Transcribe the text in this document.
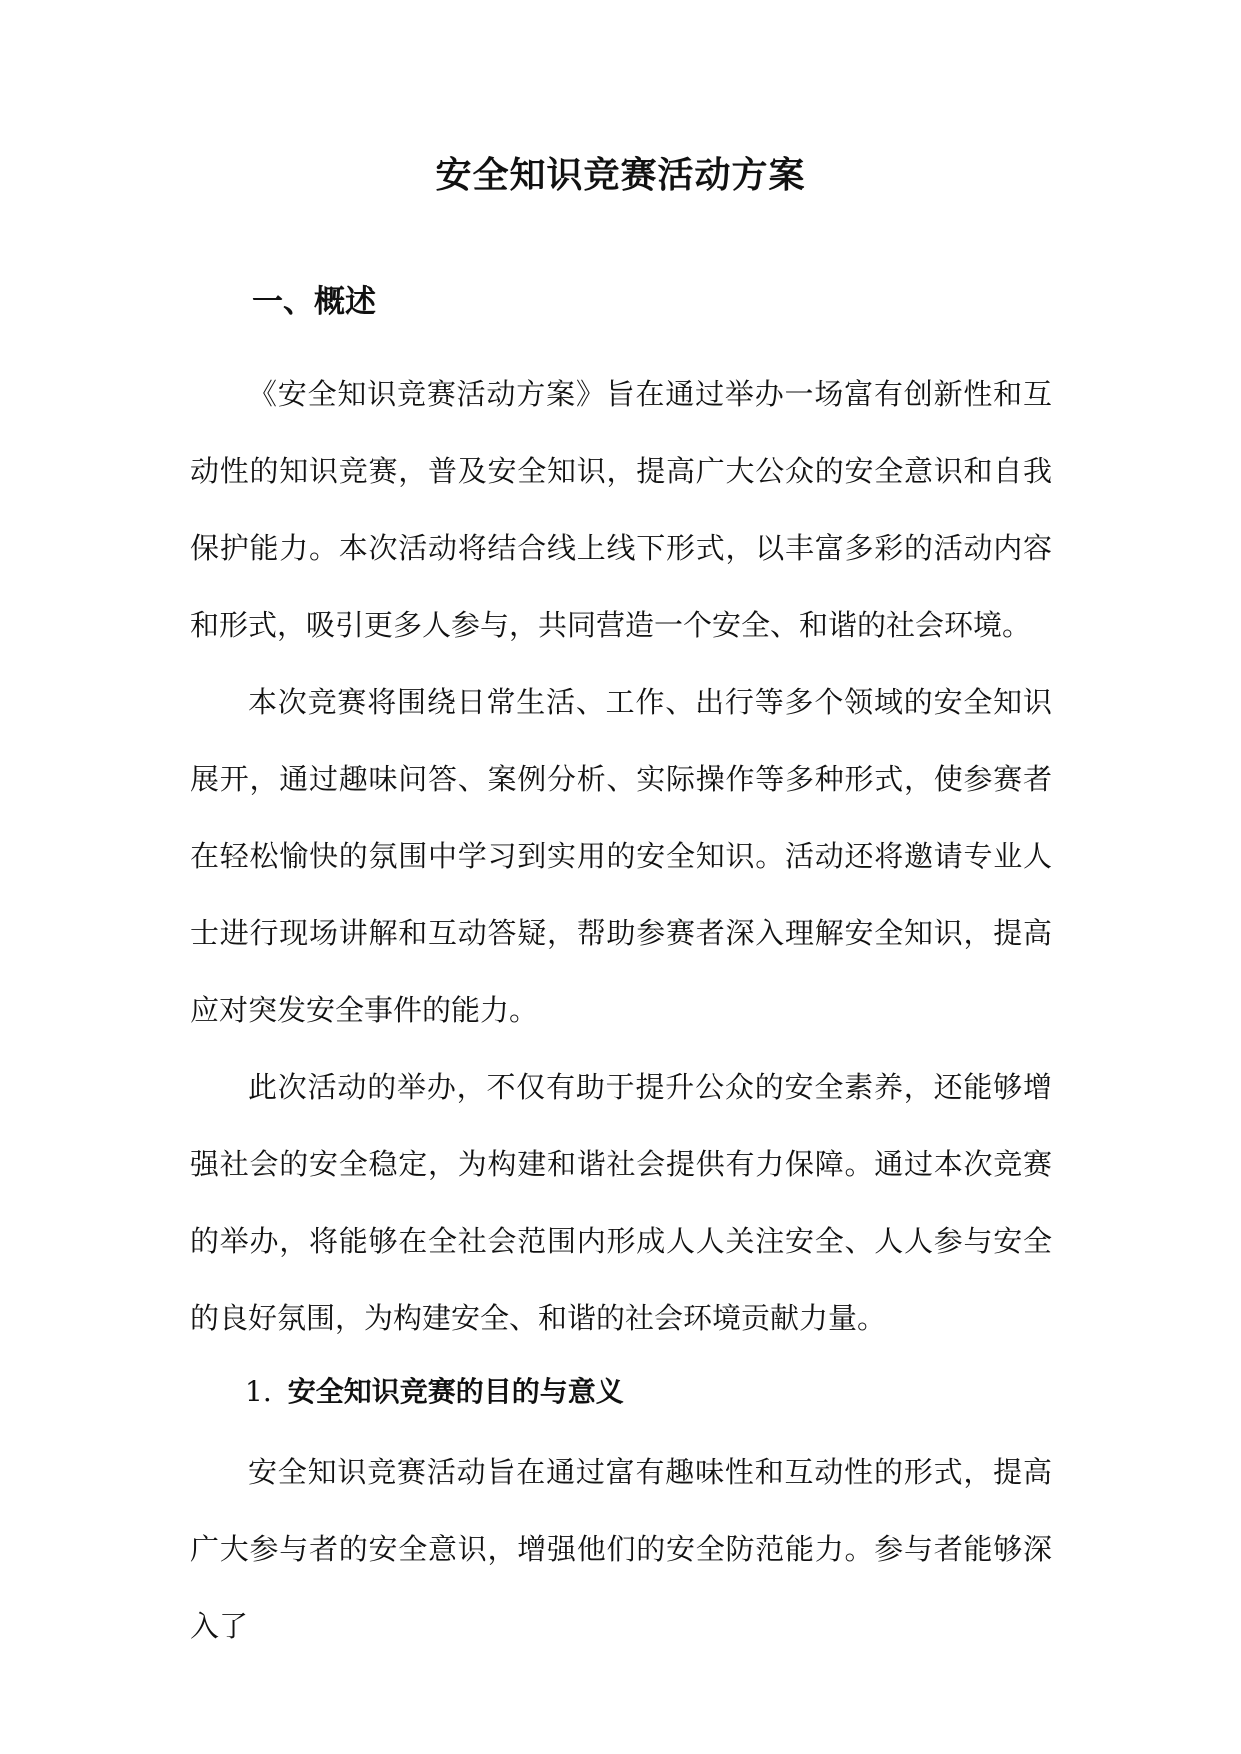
安全知识竞赛活动方案
一、概述

《安全知识竞赛活动方案》旨在通过举办一场富有创新性和互动性的知识竞赛，普及安全知识，提高广大公众的安全意识和自我保护能力。本次活动将结合线上线下形式，以丰富多彩的活动内容和形式，吸引更多人参与，共同营造一个安全、和谐的社会环境。

本次竞赛将围绕日常生活、工作、出行等多个领域的安全知识展开，通过趣味问答、案例分析、实际操作等多种形式，使参赛者在轻松愉快的氛围中学习到实用的安全知识。活动还将邀请专业人士进行现场讲解和互动答疑，帮助参赛者深入理解安全知识，提高应对突发安全事件的能力。

此次活动的举办，不仅有助于提升公众的安全素养，还能够增强社会的安全稳定，为构建和谐社会提供有力保障。通过本次竞赛的举办，将能够在全社会范围内形成人人关注安全、人人参与安全的良好氛围，为构建安全、和谐的社会环境贡献力量。

1. 安全知识竞赛的目的与意义

安全知识竞赛活动旨在通过富有趣味性和互动性的形式，提高广大参与者的安全意识，增强他们的安全防范能力。参与者能够深入了
